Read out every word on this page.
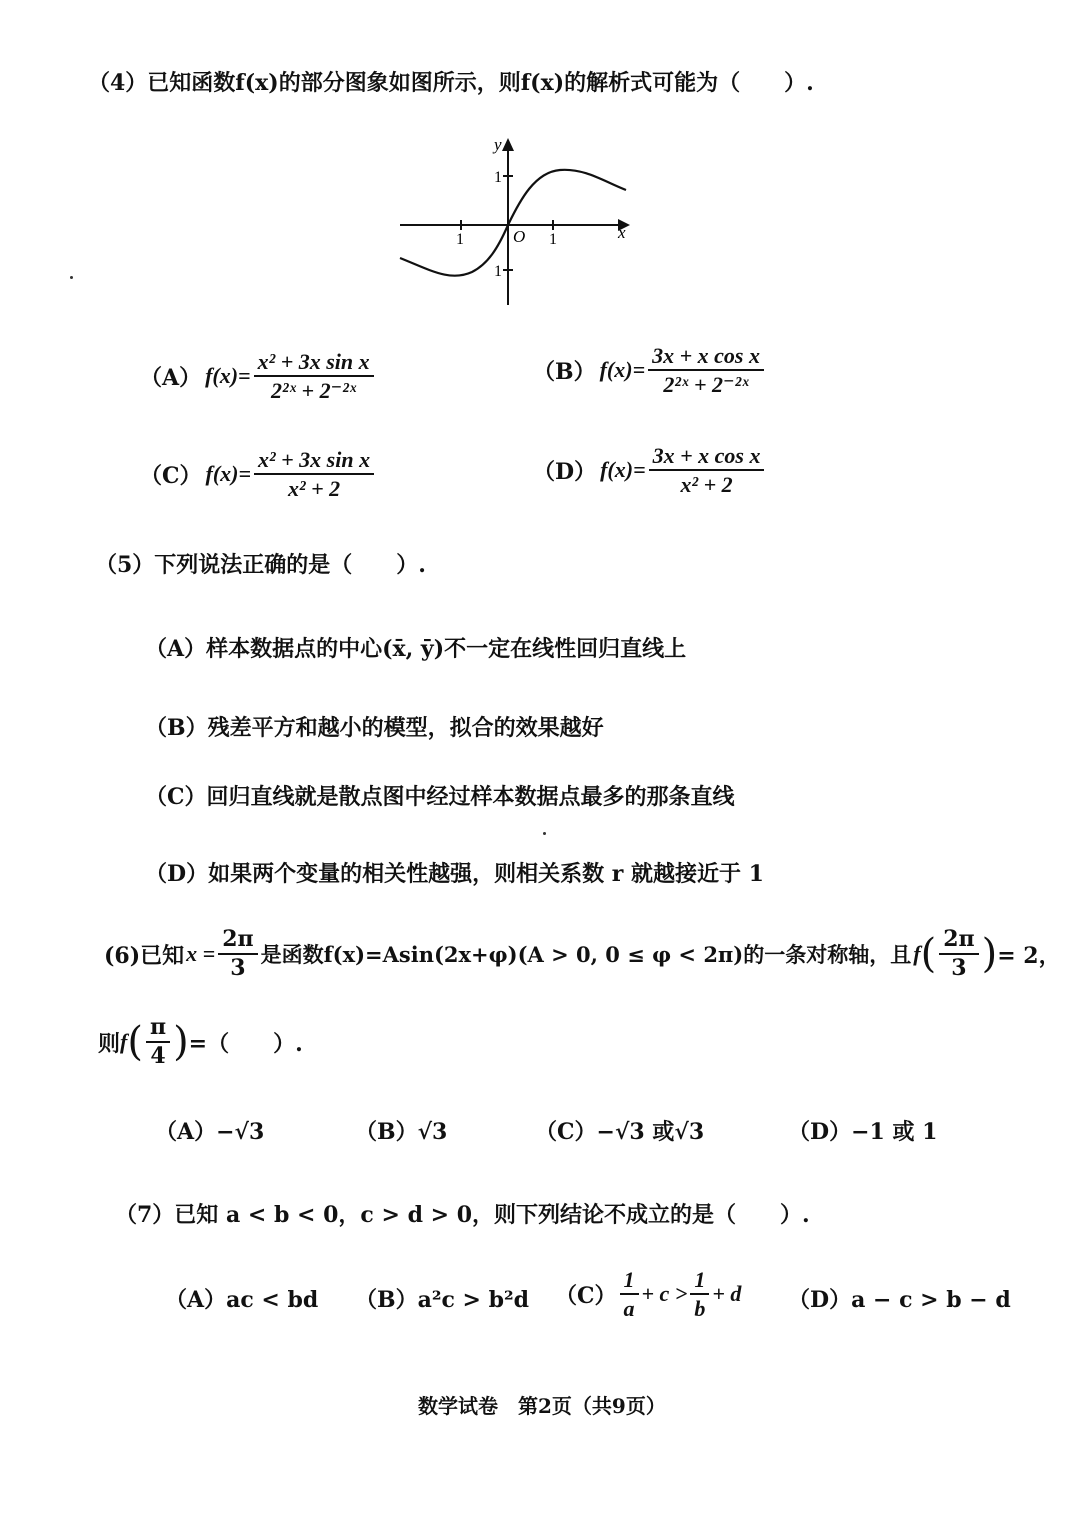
（4）已知函数f(x)的部分图象如图所示，则f(x)的解析式可能为（　　）.
y
x
O
1
1
1	1
（A） $f(x)= \frac{\text{x² + 3x sin x}}{\text{2²ˣ + 2⁻²ˣ}}$	（B） $f(x)= \frac{\text{3x + x cos x}}{\text{2²ˣ + 2⁻²ˣ}}$
（C） $f(x)= \frac{\text{x² + 3x sin x}}{\text{x² + 2}}$	（D） $f(x)= \frac{\text{3x + x cos x}}{\text{x² + 2}}$
（5）下列说法正确的是（　　）.
（A）样本数据点的中心(x̄, ȳ)不一定在线性回归直线上
（B）残差平方和越小的模型，拟合的效果越好
（C）回归直线就是散点图中经过样本数据点最多的那条直线
（D）如果两个变量的相关性越强，则相关系数 r 就越接近于 1
(6)已知 $x = \frac{2\pi}{3}$ 是函数f(x)=Asin(2x+φ)(A > 0, 0 ≤ φ < 2π)的一条对称轴，且 f ( $\frac{2\pi}{3}$ ) = 2，
则 f ( $\frac{\pi}{4}$ ) =（　　）.
（A）−√3	（B）√3	（C）−√3 或√3	（D）−1 或 1
（7）已知 a < b < 0，c > d > 0，则下列结论不成立的是（　　）.
（A）ac < bd （B）a²c > b²d $(C) \frac{1}{a} + c > \frac{1}{b} + d$ （D）a − c > b − d
数学试卷　第2页（共9页）
